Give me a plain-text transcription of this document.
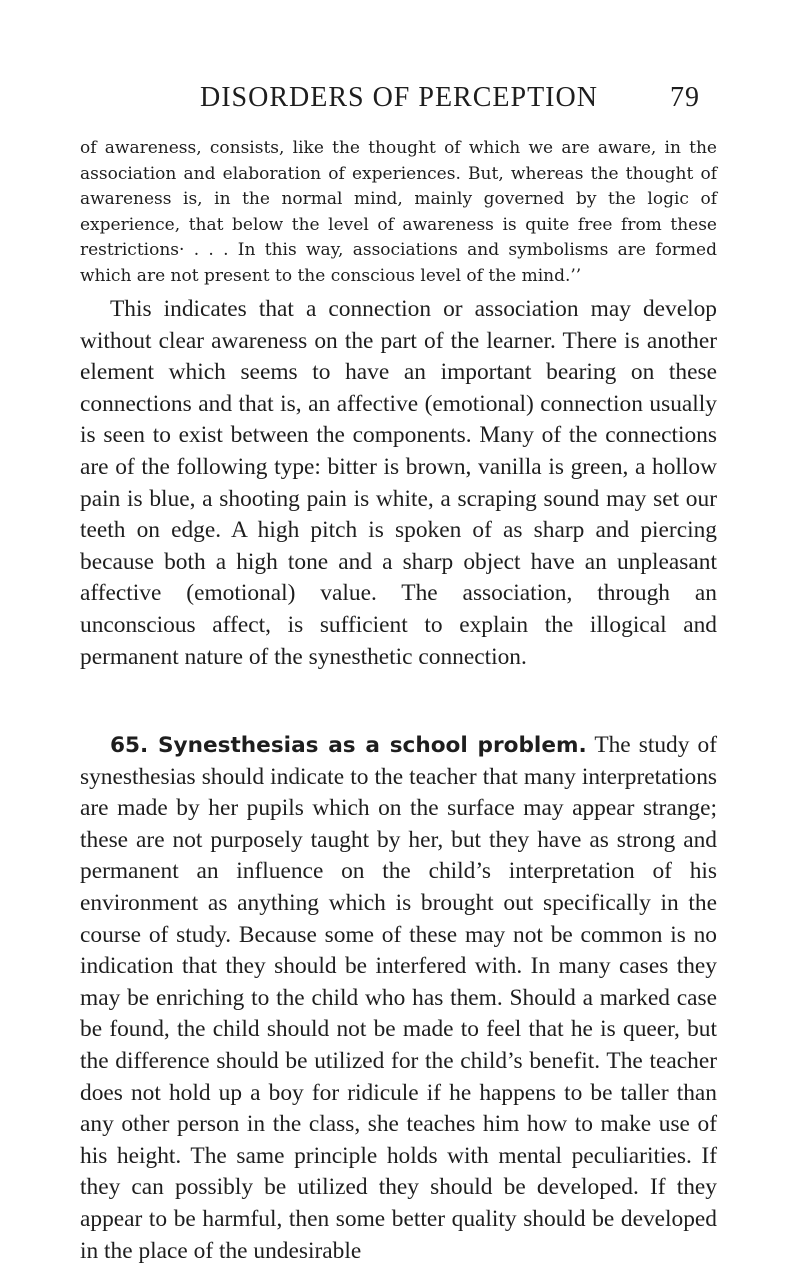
DISORDERS OF PERCEPTION	79

of awareness, consists, like the thought of which we are aware, in the association and elaboration of experiences. But, whereas the thought of awareness is, in the normal mind, mainly governed by the logic of experience, that below the level of awareness is quite free from these restrictions· . . . In this way, associations and symbolisms are formed which are not present to the conscious level of the mind.’’

This indicates that a connection or association may develop without clear awareness on the part of the learner. There is another element which seems to have an important bearing on these connections and that is, an affective (emotional) connection usually is seen to exist between the components. Many of the connections are of the following type: bitter is brown, vanilla is green, a hollow pain is blue, a shooting pain is white, a scraping sound may set our teeth on edge. A high pitch is spoken of as sharp and piercing because both a high tone and a sharp object have an unpleasant affective (emotional) value. The association, through an unconscious affect, is sufficient to explain the illogical and permanent nature of the synesthetic connection.

65. Synesthesias as a school problem. The study of synesthesias should indicate to the teacher that many interpretations are made by her pupils which on the surface may appear strange; these are not purposely taught by her, but they have as strong and permanent an influence on the child’s interpretation of his environment as anything which is brought out specifically in the course of study. Because some of these may not be common is no indication that they should be interfered with. In many cases they may be enriching to the child who has them. Should a marked case be found, the child should not be made to feel that he is queer, but the difference should be utilized for the child’s benefit. The teacher does not hold up a boy for ridicule if he happens to be taller than any other person in the class, she teaches him how to make use of his height. The same principle holds with mental peculiarities. If they can possibly be utilized they should be developed. If they appear to be harmful, then some better quality should be developed in the place of the undesirable
